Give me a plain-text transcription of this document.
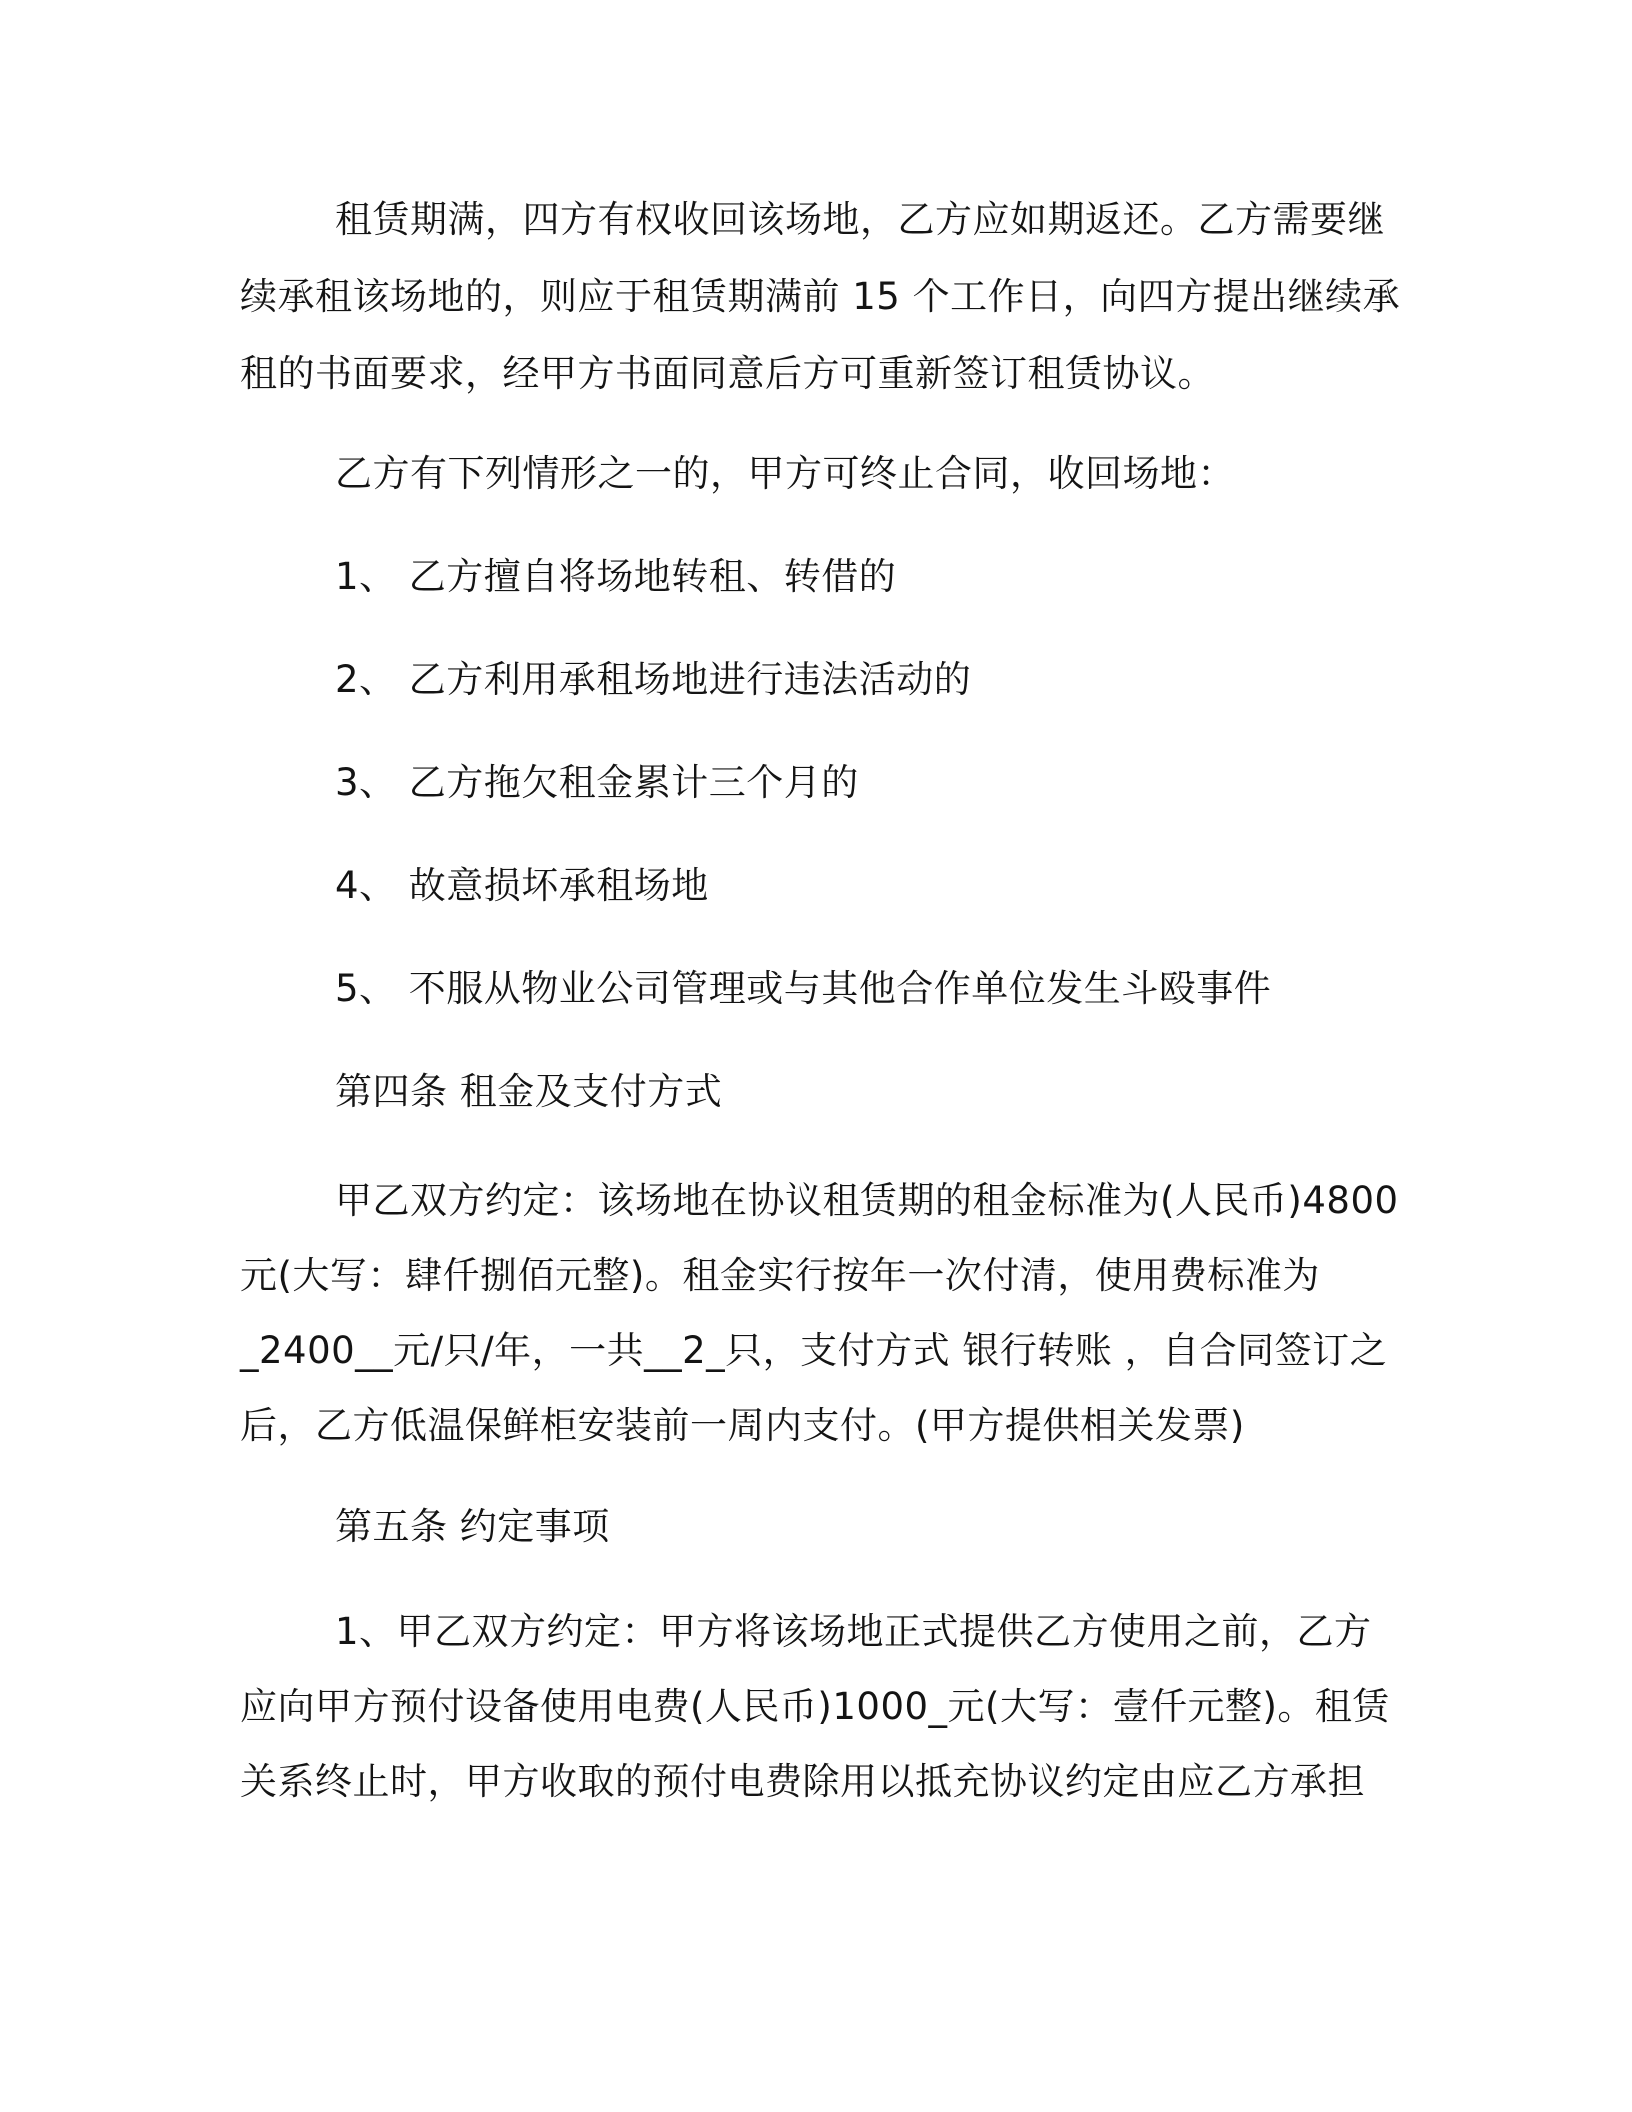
租赁期满，四方有权收回该场地，乙方应如期返还。乙方需要继
续承租该场地的，则应于租赁期满前 15 个工作日，向四方提出继续承
租的书面要求，经甲方书面同意后方可重新签订租赁协议。
乙方有下列情形之一的，甲方可终止合同，收回场地：
1、 乙方擅自将场地转租、转借的
2、 乙方利用承租场地进行违法活动的
3、 乙方拖欠租金累计三个月的
4、 故意损坏承租场地
5、 不服从物业公司管理或与其他合作单位发生斗殴事件
第四条 租金及支付方式
甲乙双方约定：该场地在协议租赁期的租金标准为(人民币)4800
元(大写：肆仟捌佰元整)。租金实行按年一次付清，使用费标准为
_2400__元/只/年，一共__2_只，支付方式 银行转账 ，自合同签订之
后，乙方低温保鲜柜安装前一周内支付。(甲方提供相关发票)
第五条 约定事项
1、甲乙双方约定：甲方将该场地正式提供乙方使用之前，乙方
应向甲方预付设备使用电费(人民币)1000_元(大写：壹仟元整)。租赁
关系终止时，甲方收取的预付电费除用以抵充协议约定由应乙方承担
